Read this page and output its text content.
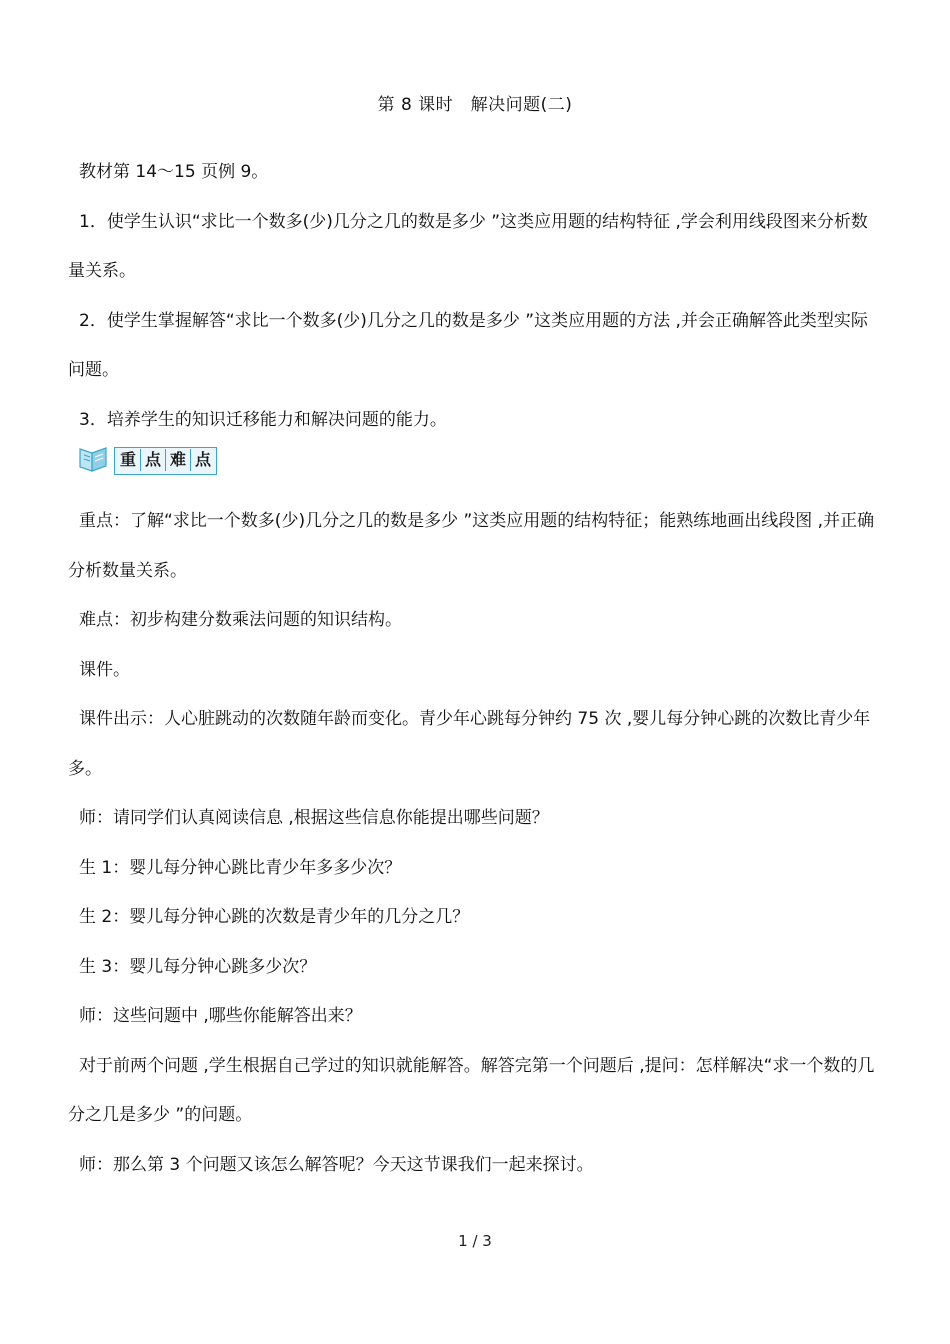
第 8 课时　解决问题(二)

教材第 14～15 页例 9。

1．使学生认识“求比一个数多(少)几分之几的数是多少 ”这类应用题的结构特征 ,学会利用线段图来分析数量关系。

2．使学生掌握解答“求比一个数多(少)几分之几的数是多少 ”这类应用题的方法 ,并会正确解答此类型实际问题。

3．培养学生的知识迁移能力和解决问题的能力。

重 点 难 点

重点：了解“求比一个数多(少)几分之几的数是多少 ”这类应用题的结构特征；能熟练地画出线段图 ,并正确分析数量关系。

难点：初步构建分数乘法问题的知识结构。

课件。

课件出示：人心脏跳动的次数随年龄而变化。青少年心跳每分钟约 75 次 ,婴儿每分钟心跳的次数比青少年多。

师：请同学们认真阅读信息 ,根据这些信息你能提出哪些问题？

生 1：婴儿每分钟心跳比青少年多多少次？

生 2：婴儿每分钟心跳的次数是青少年的几分之几？

生 3：婴儿每分钟心跳多少次？

师：这些问题中 ,哪些你能解答出来？

对于前两个问题 ,学生根据自己学过的知识就能解答。解答完第一个问题后 ,提问：怎样解决“求一个数的几分之几是多少 ”的问题。

师：那么第 3 个问题又该怎么解答呢？今天这节课我们一起来探讨。

1 / 3
